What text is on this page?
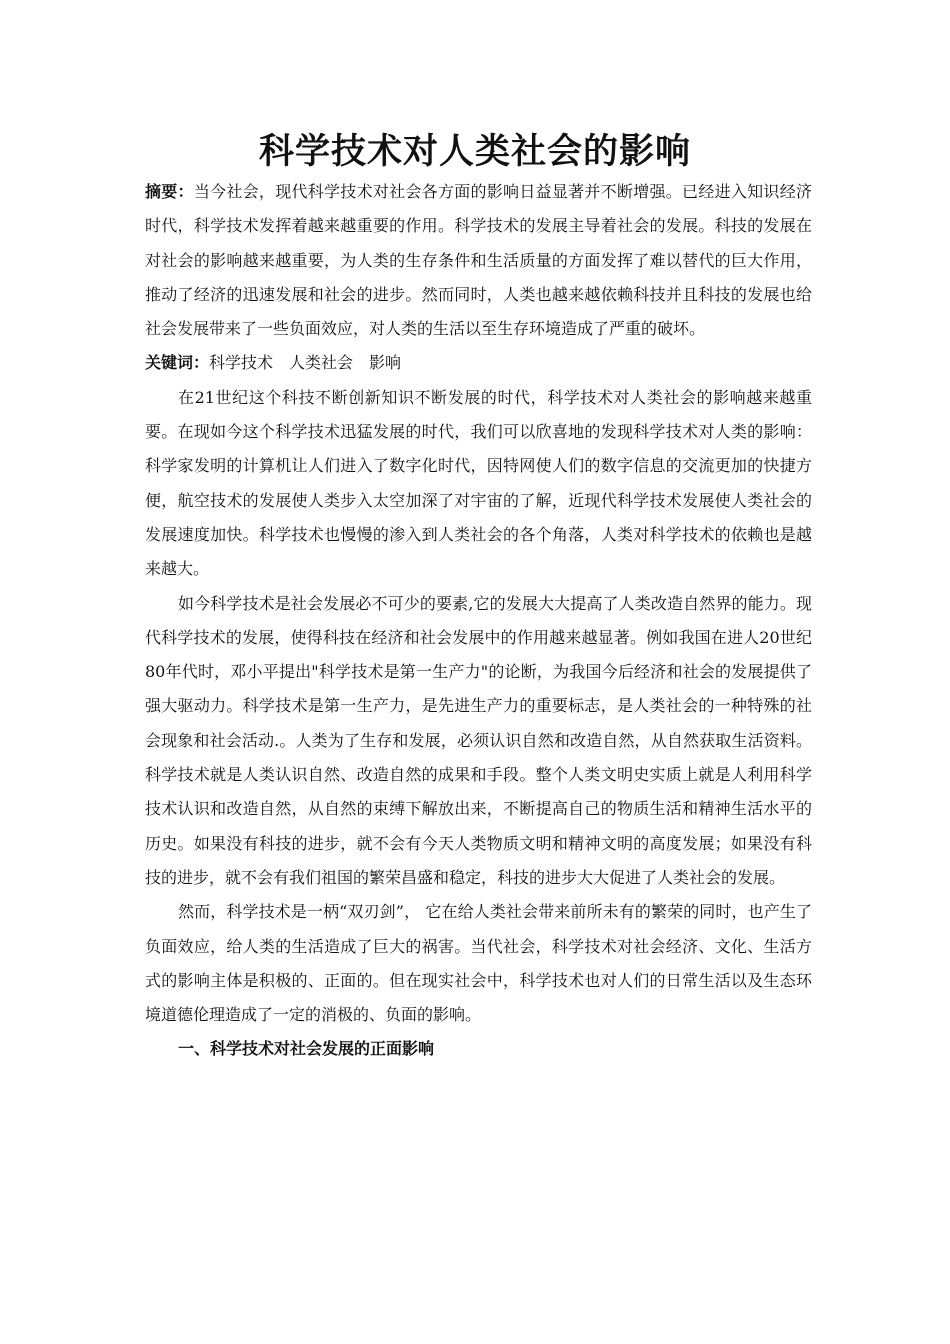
科学技术对人类社会的影响

摘要：当今社会，现代科学技术对社会各方面的影响日益显著并不断增强。已经进入知识经济时代，科学技术发挥着越来越重要的作用。科学技术的发展主导着社会的发展。科技的发展在对社会的影响越来越重要，为人类的生存条件和生活质量的方面发挥了难以替代的巨大作用，推动了经济的迅速发展和社会的进步。然而同时，人类也越来越依赖科技并且科技的发展也给社会发展带来了一些负面效应，对人类的生活以至生存环境造成了严重的破坏。

关键词：科学技术　人类社会　影响

在21世纪这个科技不断创新知识不断发展的时代，科学技术对人类社会的影响越来越重要。在现如今这个科学技术迅猛发展的时代，我们可以欣喜地的发现科学技术对人类的影响：科学家发明的计算机让人们进入了数字化时代，因特网使人们的数字信息的交流更加的快捷方便，航空技术的发展使人类步入太空加深了对宇宙的了解，近现代科学技术发展使人类社会的发展速度加快。科学技术也慢慢的渗入到人类社会的各个角落，人类对科学技术的依赖也是越来越大。

如今科学技术是社会发展必不可少的要素,它的发展大大提高了人类改造自然界的能力。现代科学技术的发展，使得科技在经济和社会发展中的作用越来越显著。例如我国在进人20世纪80年代时，邓小平提出"科学技术是第一生产力"的论断，为我国今后经济和社会的发展提供了强大驱动力。科学技术是第一生产力，是先进生产力的重要标志，是人类社会的一种特殊的社会现象和社会活动.。人类为了生存和发展，必须认识自然和改造自然，从自然获取生活资料。科学技术就是人类认识自然、改造自然的成果和手段。整个人类文明史实质上就是人利用科学技术认识和改造自然，从自然的束缚下解放出来，不断提高自己的物质生活和精神生活水平的历史。如果没有科技的进步，就不会有今天人类物质文明和精神文明的高度发展；如果没有科技的进步，就不会有我们祖国的繁荣昌盛和稳定，科技的进步大大促进了人类社会的发展。

然而，科学技术是一柄“双刃剑”， 它在给人类社会带来前所未有的繁荣的同时，也产生了负面效应，给人类的生活造成了巨大的祸害。当代社会，科学技术对社会经济、文化、生活方式的影响主体是积极的、正面的。但在现实社会中，科学技术也对人们的日常生活以及生态环境道德伦理造成了一定的消极的、负面的影响。

一、科学技术对社会发展的正面影响
